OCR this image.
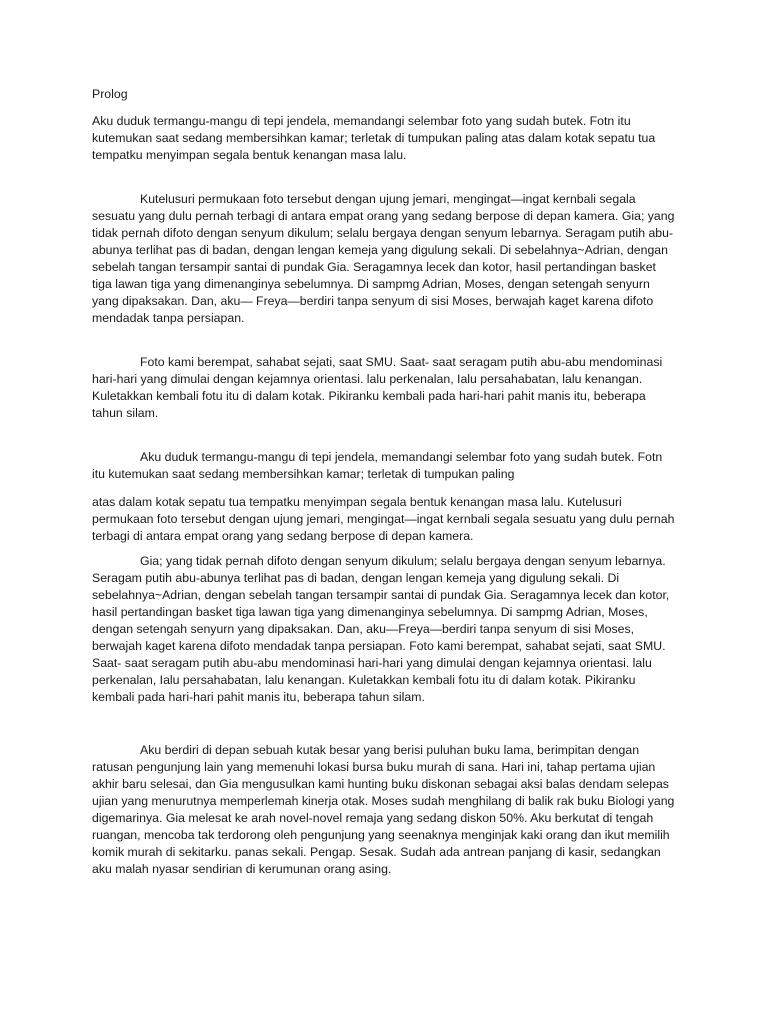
Prolog

Aku duduk termangu-mangu di tepi jendela, memandangi selembar foto yang sudah butek. Fotn itu kutemukan saat sedang membersihkan kamar; terletak di tumpukan paling atas dalam kotak sepatu tua tempatku menyimpan segala bentuk kenangan masa lalu.

Kutelusuri permukaan foto tersebut dengan ujung jemari, mengingat—ingat kernbali segala sesuatu yang dulu pernah terbagi di antara empat orang yang sedang berpose di depan kamera. Gia; yang tidak pernah difoto dengan senyum dikulum; selalu bergaya dengan senyum lebarnya. Seragam putih abu-abunya terlihat pas di badan, dengan lengan kemeja yang digulung sekali. Di sebelahnya~Adrian, dengan sebelah tangan tersampir santai di pundak Gia. Seragamnya lecek dan kotor, hasil pertandingan basket tiga lawan tiga yang dimenanginya sebelumnya. Di sampmg Adrian, Moses, dengan setengah senyurn yang dipaksakan. Dan, aku— Freya—berdiri tanpa senyum di sisi Moses, berwajah kaget karena difoto mendadak tanpa persiapan.

Foto kami berempat, sahabat sejati, saat SMU. Saat- saat seragam putih abu-abu mendominasi hari-hari yang dimulai dengan kejamnya orientasi. lalu perkenalan, Ialu persahabatan, lalu kenangan. Kuletakkan kembali fotu itu di dalam kotak. Pikiranku kembali pada hari-hari pahit manis itu, beberapa tahun silam.

Aku duduk termangu-mangu di tepi jendela, memandangi selembar foto yang sudah butek. Fotn itu kutemukan saat sedang membersihkan kamar; terletak di tumpukan paling

atas dalam kotak sepatu tua tempatku menyimpan segala bentuk kenangan masa lalu. Kutelusuri permukaan foto tersebut dengan ujung jemari, mengingat—ingat kernbali segala sesuatu yang dulu pernah terbagi di antara empat orang yang sedang berpose di depan kamera.

Gia; yang tidak pernah difoto dengan senyum dikulum; selalu bergaya dengan senyum lebarnya. Seragam putih abu-abunya terlihat pas di badan, dengan lengan kemeja yang digulung sekali. Di sebelahnya~Adrian, dengan sebelah tangan tersampir santai di pundak Gia. Seragamnya lecek dan kotor, hasil pertandingan basket tiga lawan tiga yang dimenanginya sebelumnya. Di sampmg Adrian, Moses, dengan setengah senyurn yang dipaksakan. Dan, aku—Freya—berdiri tanpa senyum di sisi Moses, berwajah kaget karena difoto mendadak tanpa persiapan. Foto kami berempat, sahabat sejati, saat SMU. Saat- saat seragam putih abu-abu mendominasi hari-hari yang dimulai dengan kejamnya orientasi. lalu perkenalan, Ialu persahabatan, lalu kenangan. Kuletakkan kembali fotu itu di dalam kotak. Pikiranku kembali pada hari-hari pahit manis itu, beberapa tahun silam.

Aku berdiri di depan sebuah kutak besar yang berisi puluhan buku lama, berimpitan dengan ratusan pengunjung lain yang memenuhi lokasi bursa buku murah di sana. Hari ini, tahap pertama ujian akhir baru selesai, dan Gia mengusulkan kami hunting buku diskonan sebagai aksi balas dendam selepas ujian yang menurutnya memperlemah kinerja otak. Moses sudah menghilang di balik rak buku Biologi yang digemarinya. Gia melesat ke arah novel-novel remaja yang sedang diskon 50%. Aku berkutat di tengah ruangan, mencoba tak terdorong oleh pengunjung yang seenaknya menginjak kaki orang dan ikut memilih komik murah di sekitarku. panas sekali. Pengap. Sesak. Sudah ada antrean panjang di kasir, sedangkan aku malah nyasar sendirian di kerumunan orang asing.
